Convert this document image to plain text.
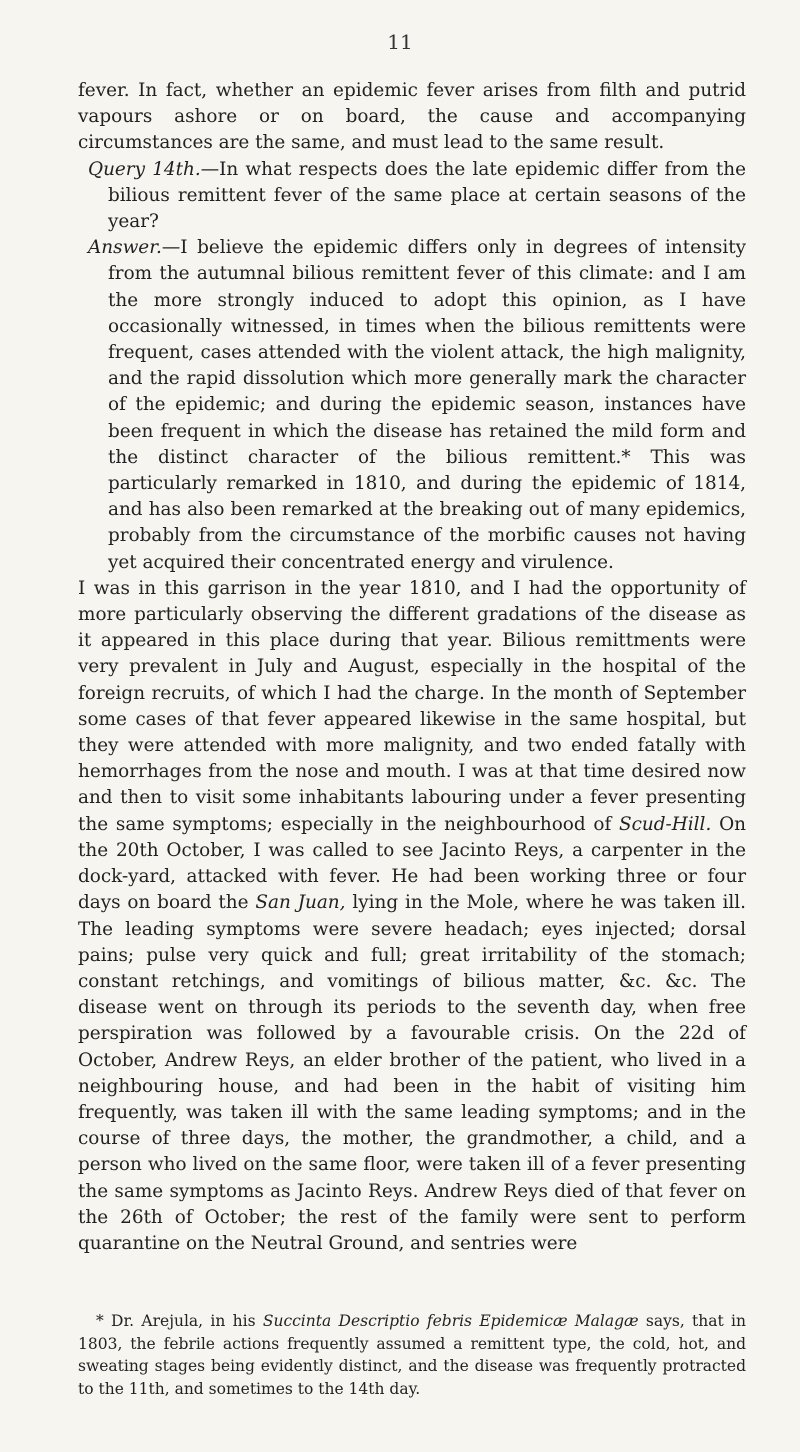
11

fever. In fact, whether an epidemic fever arises from filth and putrid vapours ashore or on board, the cause and accompanying circumstances are the same, and must lead to the same result.

Query 14th.—In what respects does the late epidemic differ from the bilious remittent fever of the same place at certain seasons of the year?

Answer.—I believe the epidemic differs only in degrees of intensity from the autumnal bilious remittent fever of this climate: and I am the more strongly induced to adopt this opinion, as I have occasionally witnessed, in times when the bilious remittents were frequent, cases attended with the violent attack, the high malignity, and the rapid dissolution which more generally mark the character of the epidemic; and during the epidemic season, instances have been frequent in which the disease has retained the mild form and the distinct character of the bilious remittent.* This was particularly remarked in 1810, and during the epidemic of 1814, and has also been remarked at the breaking out of many epidemics, probably from the circumstance of the morbific causes not having yet acquired their concentrated energy and virulence.

I was in this garrison in the year 1810, and I had the opportunity of more particularly observing the different gradations of the disease as it appeared in this place during that year. Bilious remittments were very prevalent in July and August, especially in the hospital of the foreign recruits, of which I had the charge. In the month of September some cases of that fever appeared likewise in the same hospital, but they were attended with more malignity, and two ended fatally with hemorrhages from the nose and mouth. I was at that time desired now and then to visit some inhabitants labouring under a fever presenting the same symptoms; especially in the neighbourhood of Scud-Hill. On the 20th October, I was called to see Jacinto Reys, a carpenter in the dock-yard, attacked with fever. He had been working three or four days on board the San Juan, lying in the Mole, where he was taken ill. The leading symptoms were severe headach; eyes injected; dorsal pains; pulse very quick and full; great irritability of the stomach; constant retchings, and vomitings of bilious matter, &c. &c. The disease went on through its periods to the seventh day, when free perspiration was followed by a favourable crisis. On the 22d of October, Andrew Reys, an elder brother of the patient, who lived in a neighbouring house, and had been in the habit of visiting him frequently, was taken ill with the same leading symptoms; and in the course of three days, the mother, the grandmother, a child, and a person who lived on the same floor, were taken ill of a fever presenting the same symptoms as Jacinto Reys. Andrew Reys died of that fever on the 26th of October; the rest of the family were sent to perform quarantine on the Neutral Ground, and sentries were

* Dr. Arejula, in his Succinta Descriptio febris Epidemicæ Malagæ says, that in 1803, the febrile actions frequently assumed a remittent type, the cold, hot, and sweating stages being evidently distinct, and the disease was frequently protracted to the 11th, and sometimes to the 14th day.
